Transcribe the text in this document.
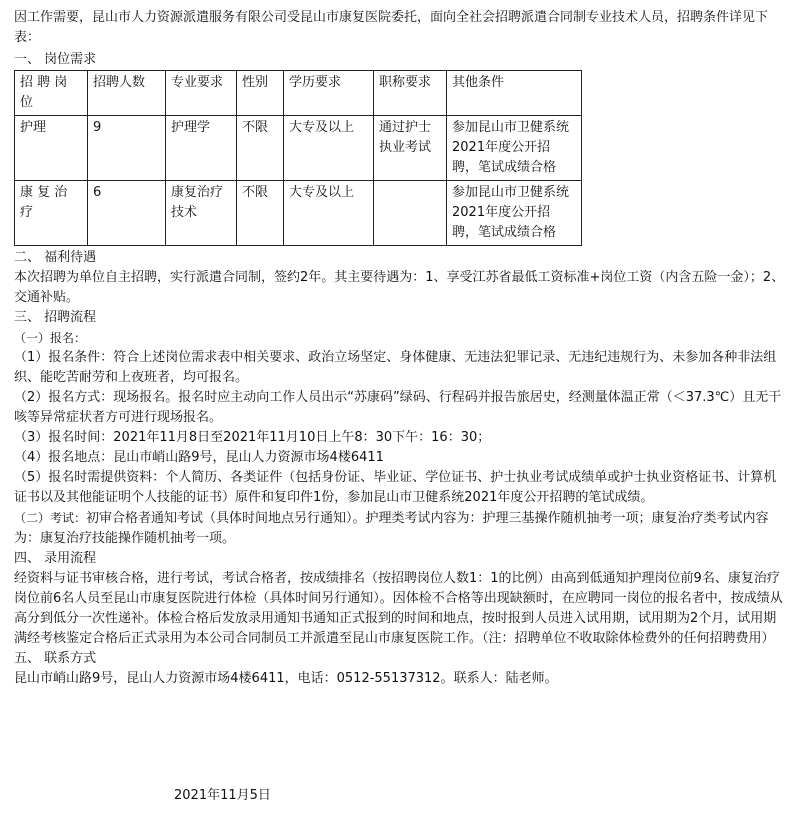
因工作需要，昆山市人力资源派遣服务有限公司受昆山市康复医院委托，面向全社会招聘派遣合同制专业技术人员，招聘条件详见下表：

一、 岗位需求

招 聘 岗 位	招聘人数	专业要求	性别	学历要求	职称要求	其他条件
护理	9	护理学	不限	大专及以上	通过护士执业考试	参加昆山市卫健系统2021年度公开招聘，笔试成绩合格
康 复 治 疗	6	康复治疗技术	不限	大专及以上		参加昆山市卫健系统2021年度公开招聘，笔试成绩合格

二、 福利待遇

本次招聘为单位自主招聘，实行派遣合同制，签约2年。其主要待遇为：1、享受江苏省最低工资标准+岗位工资（内含五险一金）；2、交通补贴。

三、 招聘流程

（一）报名：

（1）报名条件：符合上述岗位需求表中相关要求、政治立场坚定、身体健康、无违法犯罪记录、无违纪违规行为、未参加各种非法组织、能吃苦耐劳和上夜班者，均可报名。

（2）报名方式：现场报名。报名时应主动向工作人员出示“苏康码”绿码、行程码并报告旅居史，经测量体温正常（＜37.3℃）且无干咳等异常症状者方可进行现场报名。

（3）报名时间：2021年11月8日至2021年11月10日上午8：30下午：16：30；

（4）报名地点：昆山市峭山路9号，昆山人力资源市场4楼6411

（5）报名时需提供资料：个人简历、各类证件（包括身份证、毕业证、学位证书、护士执业考试成绩单或护士执业资格证书、计算机证书以及其他能证明个人技能的证书）原件和复印件1份，参加昆山市卫健系统2021年度公开招聘的笔试成绩。

（二）考试：初审合格者通知考试（具体时间地点另行通知）。护理类考试内容为：护理三基操作随机抽考一项；康复治疗类考试内容为：康复治疗技能操作随机抽考一项。

四、 录用流程

经资料与证书审核合格，进行考试，考试合格者，按成绩排名（按招聘岗位人数1：1的比例）由高到低通知护理岗位前9名、康复治疗岗位前6名人员至昆山市康复医院进行体检（具体时间另行通知）。因体检不合格等出现缺额时，在应聘同一岗位的报名者中，按成绩从高分到低分一次性递补。体检合格后发放录用通知书通知正式报到的时间和地点，按时报到人员进入试用期，试用期为2个月，试用期满经考核鉴定合格后正式录用为本公司合同制员工并派遣至昆山市康复医院工作。（注：招聘单位不收取除体检费外的任何招聘费用）

五、 联系方式

昆山市峭山路9号，昆山人力资源市场4楼6411，电话：0512-55137312。联系人：陆老师。

2021年11月5日
